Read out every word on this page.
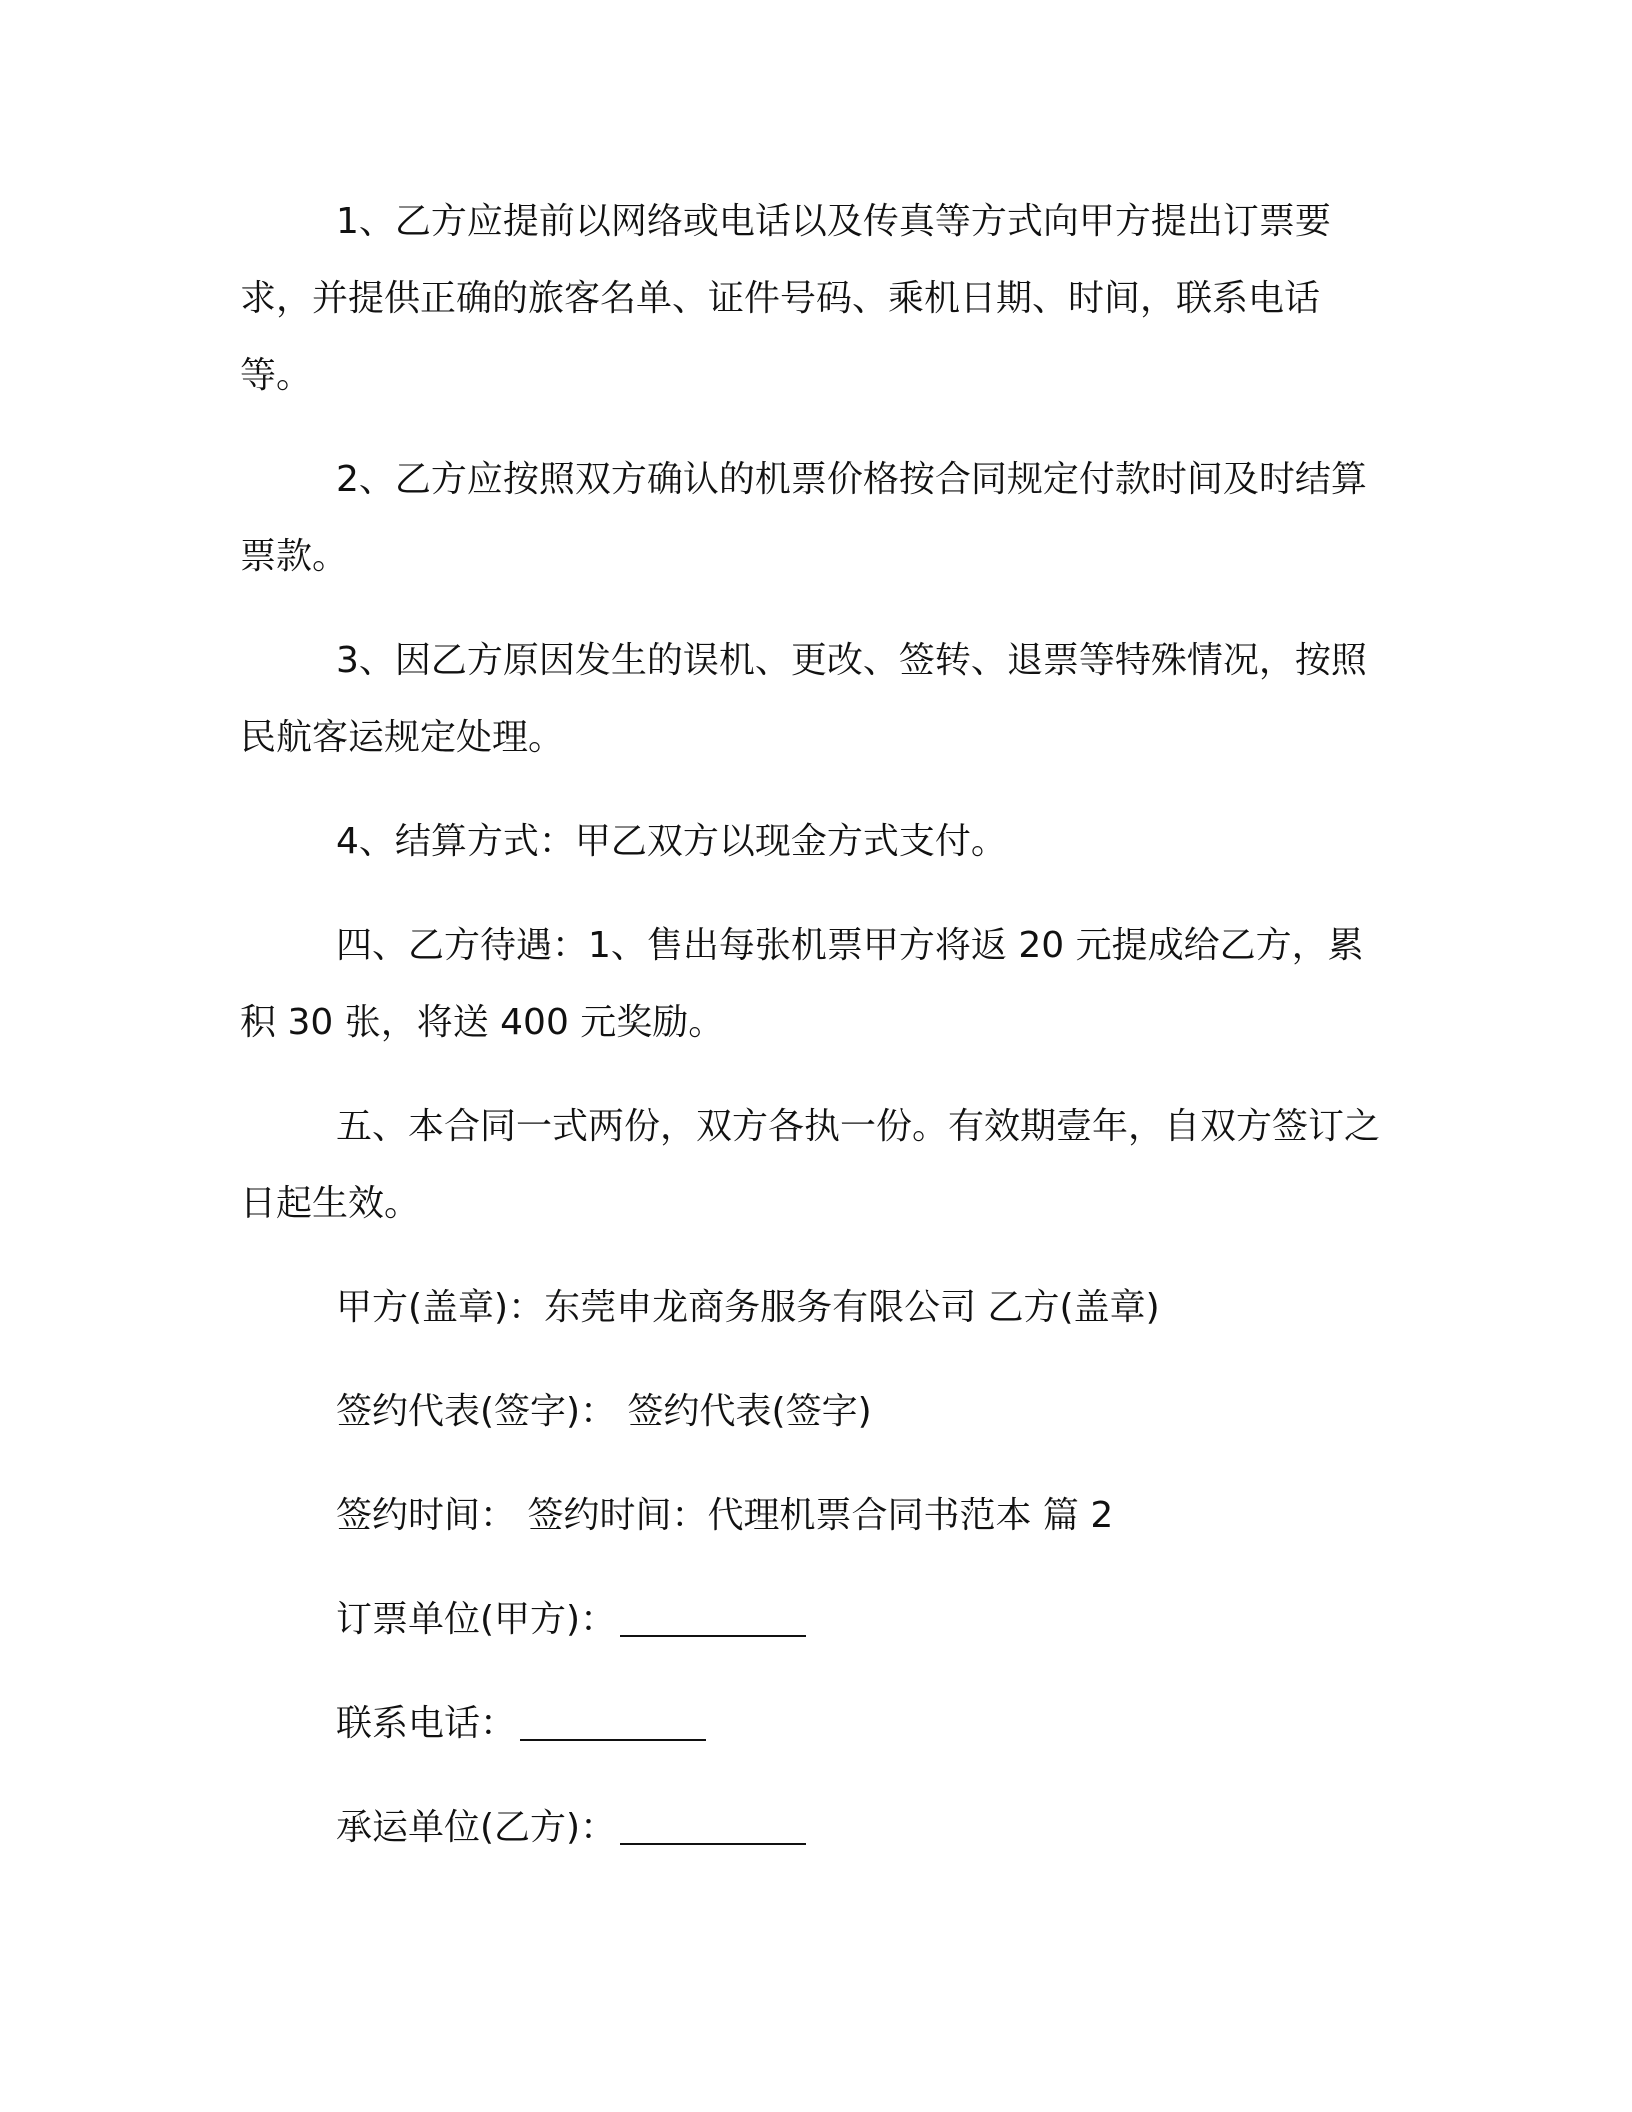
1、乙方应提前以网络或电话以及传真等方式向甲方提出订票要求，并提供正确的旅客名单、证件号码、乘机日期、时间，联系电话等。

2、乙方应按照双方确认的机票价格按合同规定付款时间及时结算票款。

3、因乙方原因发生的误机、更改、签转、退票等特殊情况，按照民航客运规定处理。

4、结算方式：甲乙双方以现金方式支付。

四、乙方待遇：1、售出每张机票甲方将返 20 元提成给乙方，累积 30 张，将送 400 元奖励。

五、本合同一式两份，双方各执一份。有效期壹年，自双方签订之日起生效。

甲方(盖章)：东莞申龙商务服务有限公司 乙方(盖章)

签约代表(签字)： 签约代表(签字)

签约时间： 签约时间：代理机票合同书范本 篇 2

订票单位(甲方)：

联系电话：

承运单位(乙方)：
